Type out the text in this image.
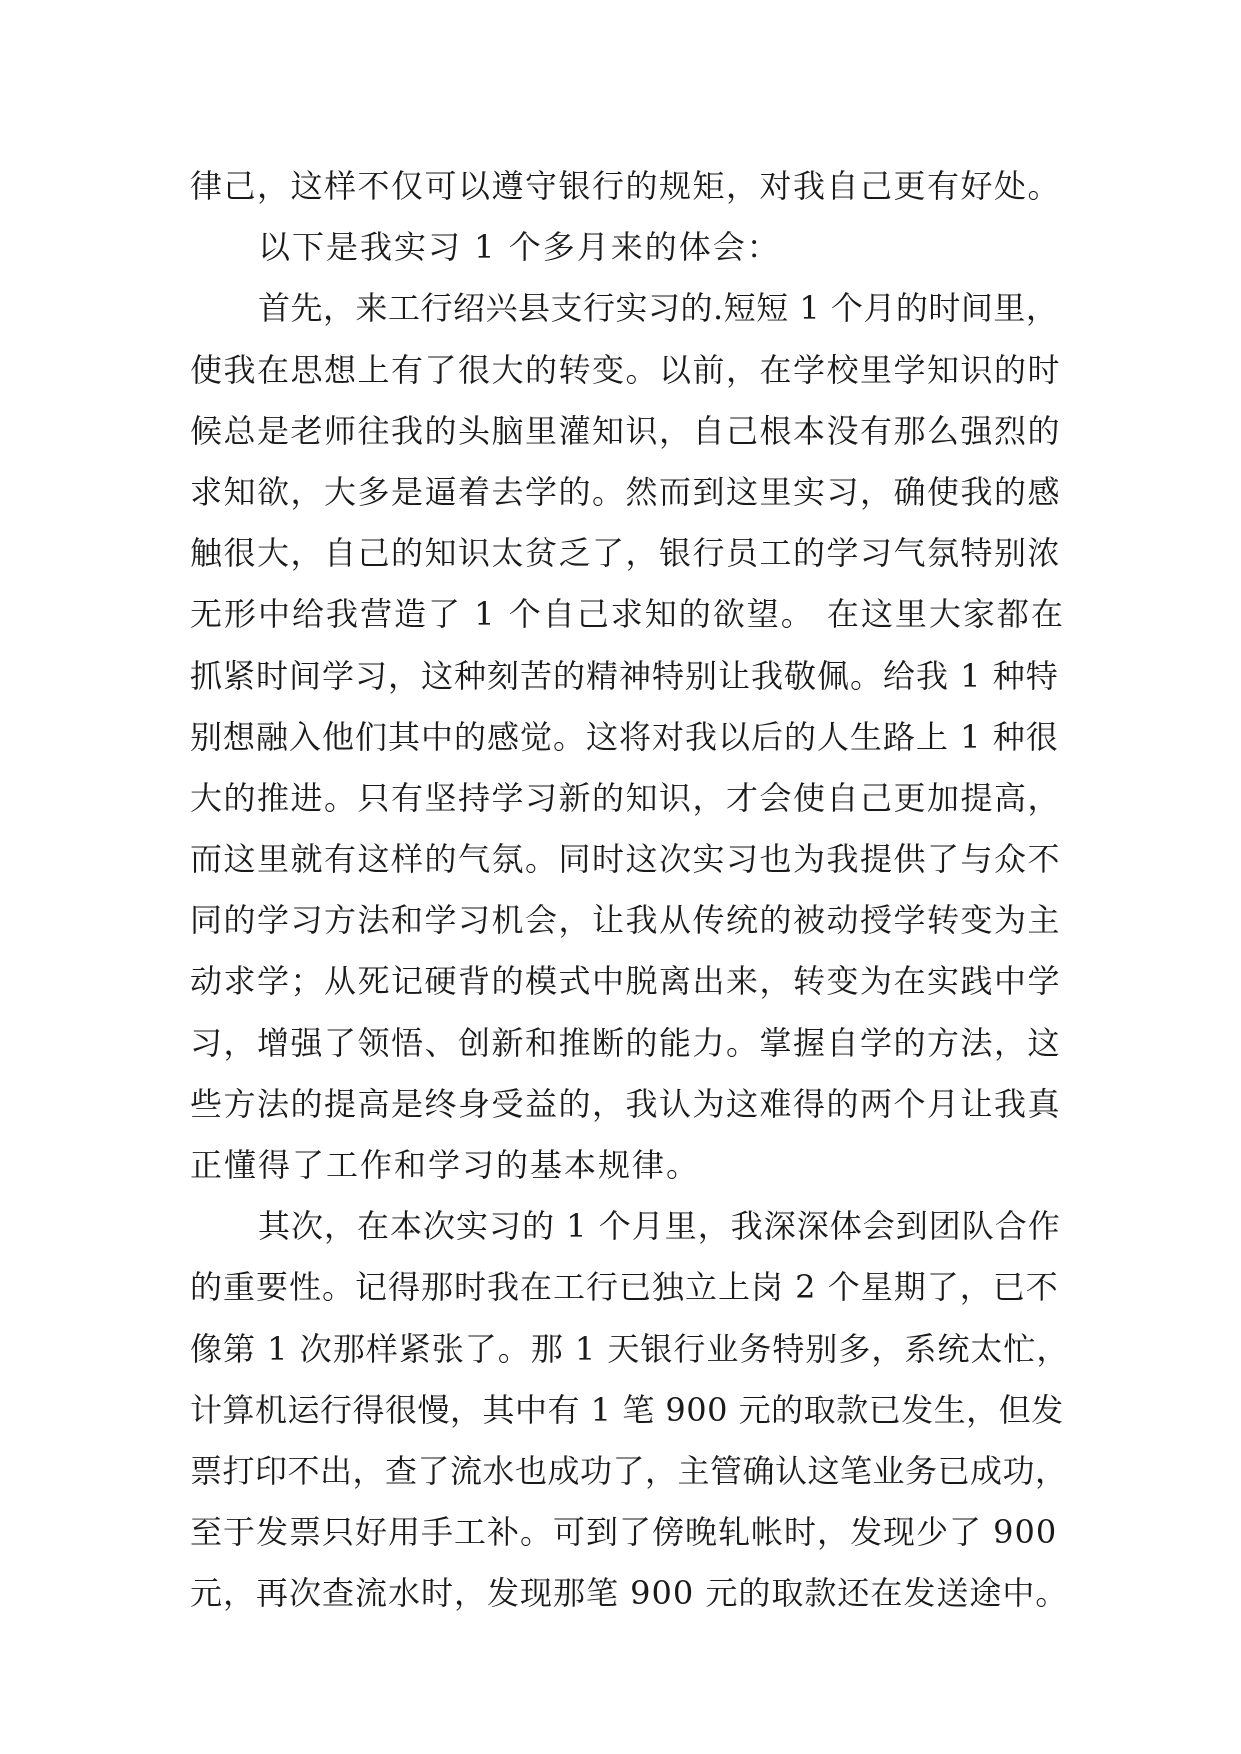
律己，这样不仅可以遵守银行的规矩，对我自己更有好处。
以下是我实习 1 个多月来的体会：
首先，来工行绍兴县支行实习的.短短 1 个月的时间里，
使我在思想上有了很大的转变。以前，在学校里学知识的时
候总是老师往我的头脑里灌知识，自己根本没有那么强烈的
求知欲，大多是逼着去学的。然而到这里实习，确使我的感
触很大，自己的知识太贫乏了，银行员工的学习气氛特别浓
无形中给我营造了 1 个自己求知的欲望。 在这里大家都在
抓紧时间学习，这种刻苦的精神特别让我敬佩。给我 1 种特
别想融入他们其中的感觉。这将对我以后的人生路上 1 种很
大的推进。只有坚持学习新的知识，才会使自己更加提高，
而这里就有这样的气氛。同时这次实习也为我提供了与众不
同的学习方法和学习机会，让我从传统的被动授学转变为主
动求学；从死记硬背的模式中脱离出来，转变为在实践中学
习，增强了领悟、创新和推断的能力。掌握自学的方法，这
些方法的提高是终身受益的，我认为这难得的两个月让我真
正懂得了工作和学习的基本规律。
其次，在本次实习的 1 个月里，我深深体会到团队合作
的重要性。记得那时我在工行已独立上岗 2 个星期了，已不
像第 1 次那样紧张了。那 1 天银行业务特别多，系统太忙，
计算机运行得很慢，其中有 1 笔 900 元的取款已发生，但发
票打印不出，查了流水也成功了，主管确认这笔业务已成功，
至于发票只好用手工补。可到了傍晚轧帐时，发现少了 900
元，再次查流水时，发现那笔 900 元的取款还在发送途中。
